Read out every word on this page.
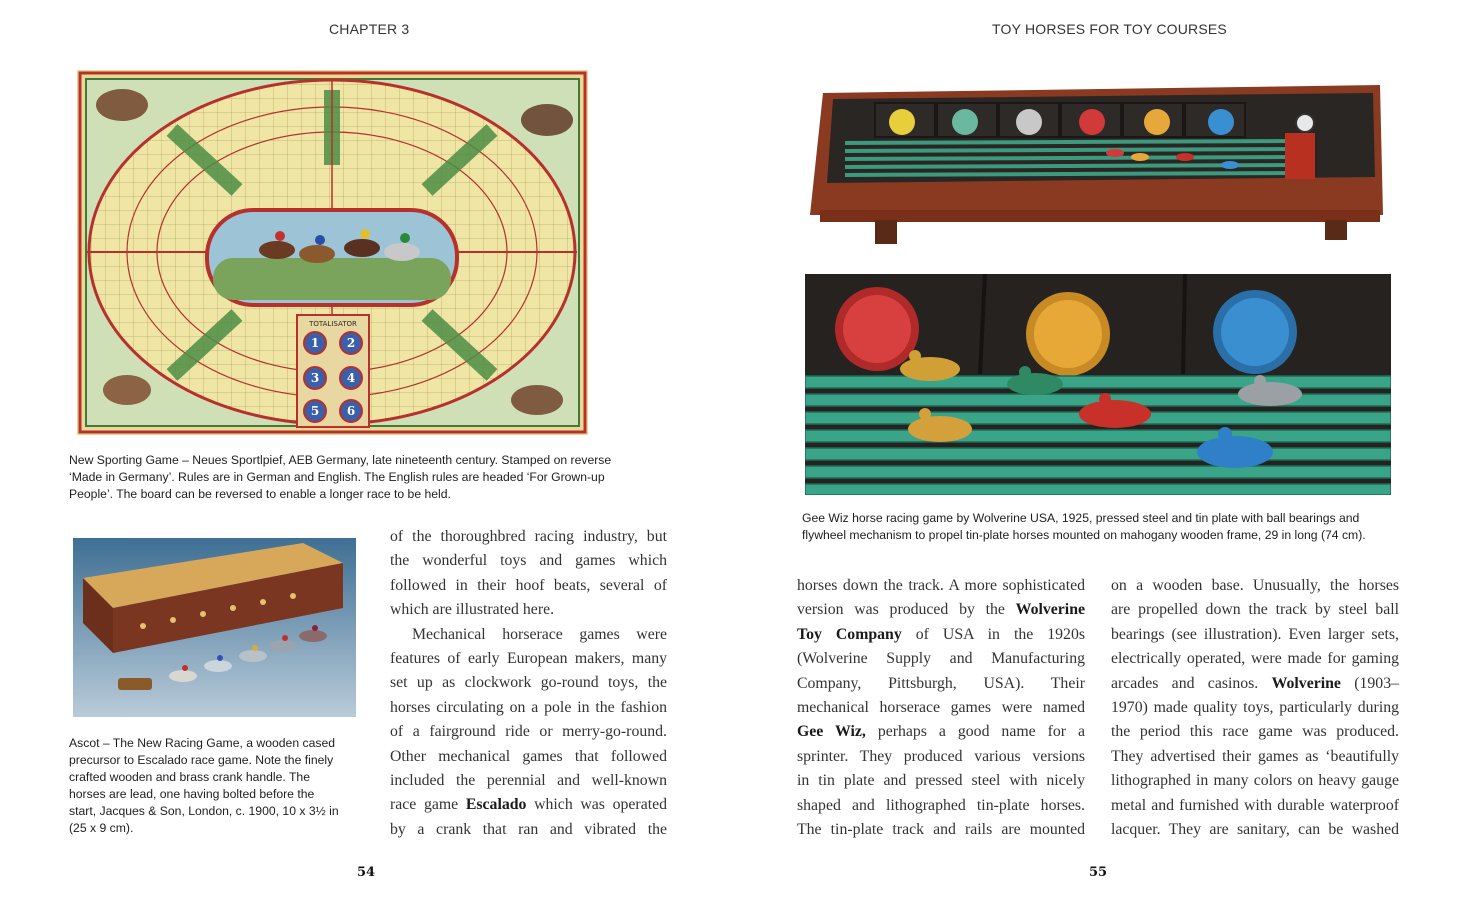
CHAPTER 3
TOTALISATOR
1 2
3 4
5 6
New Sporting Game – Neues Sportlpief, AEB Germany, late nineteenth century. Stamped on reverse
‘Made in Germany’. Rules are in German and English. The English rules are headed ‘For Grown-up
People’. The board can be reversed to enable a longer race to be held.
Ascot – The New Racing Game, a wooden cased
precursor to Escalado race game. Note the finely
crafted wooden and brass crank handle. The
horses are lead, one having bolted before the
start, Jacques & Son, London, c. 1900, 10 x 3½ in
(25 x 9 cm).
of the thoroughbred racing industry, but
the wonderful toys and games which
followed in their hoof beats, several of
which are illustrated here.
Mechanical horserace games were
features of early European makers, many
set up as clockwork go-round toys, the
horses circulating on a pole in the fashion
of a fairground ride or merry-go-round.
Other mechanical games that followed
included the perennial and well-known
race game Escalado which was operated
by a crank that ran and vibrated the
54
TOY HORSES FOR TOY COURSES
Gee Wiz horse racing game by Wolverine USA, 1925, pressed steel and tin plate with ball bearings and
flywheel mechanism to propel tin-plate horses mounted on mahogany wooden frame, 29 in long (74 cm).
horses down the track. A more sophisticated
version was produced by the Wolverine
Toy Company of USA in the 1920s
(Wolverine Supply and Manufacturing
Company, Pittsburgh, USA). Their
mechanical horserace games were named
Gee Wiz, perhaps a good name for a
sprinter. They produced various versions
in tin plate and pressed steel with nicely
shaped and lithographed tin-plate horses.
The tin-plate track and rails are mounted
on a wooden base. Unusually, the horses
are propelled down the track by steel ball
bearings (see illustration). Even larger sets,
electrically operated, were made for gaming
arcades and casinos. Wolverine (1903–
1970) made quality toys, particularly during
the period this race game was produced.
They advertised their games as ‘beautifully
lithographed in many colors on heavy gauge
metal and furnished with durable waterproof
lacquer. They are sanitary, can be washed
55
